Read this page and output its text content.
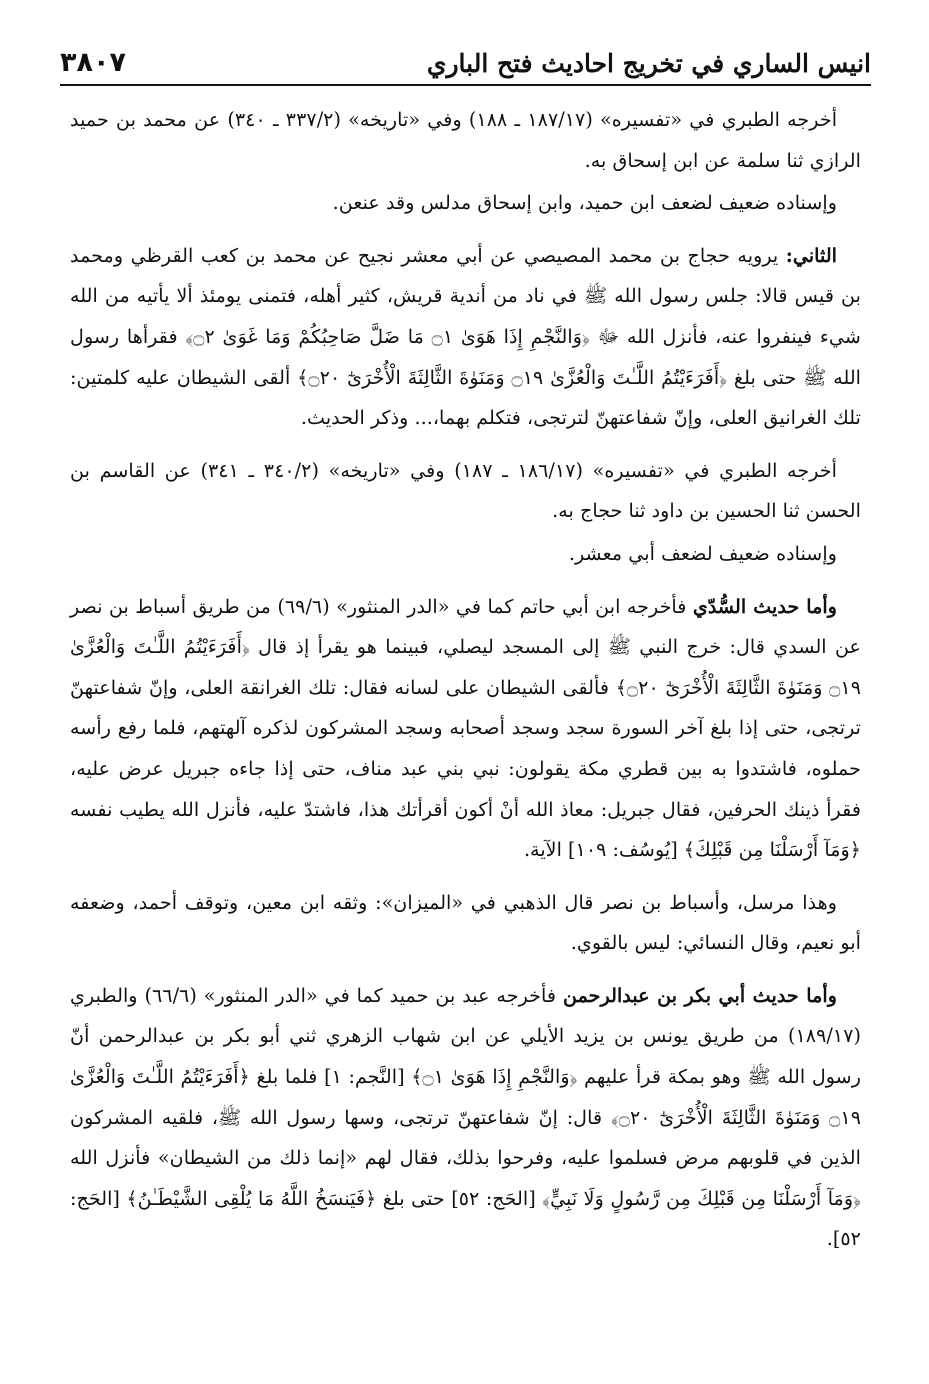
انيس الساري في تخريج احاديث فتح الباري
٣٨٠٧

أخرجه الطبري في «تفسيره» (١٨٧/١٧ ـ ١٨٨) وفي «تاريخه» (٣٣٧/٢ ـ ٣٤٠) عن محمد بن حميد الرازي ثنا سلمة عن ابن إسحاق به.

وإسناده ضعيف لضعف ابن حميد، وابن إسحاق مدلس وقد عنعن.

الثاني: يرويه حجاج بن محمد المصيصي عن أبي معشر نجيح عن محمد بن كعب القرظي ومحمد بن قيس قالا: جلس رسول الله ﷺ في ناد من أندية قريش، كثير أهله، فتمنى يومئذ ألا يأتيه من الله شيء فينفروا عنه، فأنزل الله ﷻ ﴿وَالنَّجْمِ إِذَا هَوَىٰ ۝١ مَا ضَلَّ صَاحِبُكُمْ وَمَا غَوَىٰ ۝٢﴾ فقرأها رسول الله ﷺ حتى بلغ ﴿أَفَرَءَيْتُمُ اللَّـٰتَ وَالْعُزَّىٰ ۝١٩ وَمَنَوٰةَ الثَّالِثَةَ الْأُخْرَىٰٓ ۝٢٠﴾ ألقى الشيطان عليه كلمتين: تلك الغرانيق العلى، وإنّ شفاعتهنّ لترتجى، فتكلم بهما،... وذكر الحديث.

أخرجه الطبري في «تفسيره» (١٨٦/١٧ ـ ١٨٧) وفي «تاريخه» (٣٤٠/٢ ـ ٣٤١) عن القاسم بن الحسن ثنا الحسين بن داود ثنا حجاج به.

وإسناده ضعيف لضعف أبي معشر.

وأما حديث السُّدّي فأخرجه ابن أبي حاتم كما في «الدر المنثور» (٦٩/٦) من طريق أسباط بن نصر عن السدي قال: خرج النبي ﷺ إلى المسجد ليصلي، فبينما هو يقرأ إذ قال ﴿أَفَرَءَيْتُمُ اللَّـٰتَ وَالْعُزَّىٰ ۝١٩ وَمَنَوٰةَ الثَّالِثَةَ الْأُخْرَىٰٓ ۝٢٠﴾ فألقى الشيطان على لسانه فقال: تلك الغرانقة العلى، وإنّ شفاعتهنّ ترتجى، حتى إذا بلغ آخر السورة سجد وسجد أصحابه وسجد المشركون لذكره آلهتهم، فلما رفع رأسه حملوه، فاشتدوا به بين قطري مكة يقولون: نبي بني عبد مناف، حتى إذا جاءه جبريل عرض عليه، فقرأ ذينك الحرفين، فقال جبريل: معاذ الله أنْ أكون أقرأتك هذا، فاشتدّ عليه، فأنزل الله يطيب نفسه ﴿وَمَآ أَرْسَلْنَا مِن قَبْلِكَ﴾ [يُوسُف: ١٠٩] الآية.

وهذا مرسل، وأسباط بن نصر قال الذهبي في «الميزان»: وثقه ابن معين، وتوقف أحمد، وضعفه أبو نعيم، وقال النسائي: ليس بالقوي.

وأما حديث أبي بكر بن عبدالرحمن فأخرجه عبد بن حميد كما في «الدر المنثور» (٦٦/٦) والطبري (١٨٩/١٧) من طريق يونس بن يزيد الأيلي عن ابن شهاب الزهري ثني أبو بكر بن عبدالرحمن أنّ رسول الله ﷺ وهو بمكة قرأ عليهم ﴿وَالنَّجْمِ إِذَا هَوَىٰ ۝١﴾ [النَّجم: ١] فلما بلغ ﴿أَفَرَءَيْتُمُ اللَّـٰتَ وَالْعُزَّىٰ ۝١٩ وَمَنَوٰةَ الثَّالِثَةَ الْأُخْرَىٰٓ ۝٢٠﴾ قال: إنّ شفاعتهنّ ترتجى، وسها رسول الله ﷺ، فلقيه المشركون الذين في قلوبهم مرض فسلموا عليه، وفرحوا بذلك، فقال لهم «إنما ذلك من الشيطان» فأنزل الله ﴿وَمَآ أَرْسَلْنَا مِن قَبْلِكَ مِن رَّسُولٍ وَلَا نَبِيٍّ﴾ [الحَج: ٥٢] حتى بلغ ﴿فَيَنسَخُ اللَّهُ مَا يُلْقِى الشَّيْطَـٰنُ﴾ [الحَج: ٥٢].
